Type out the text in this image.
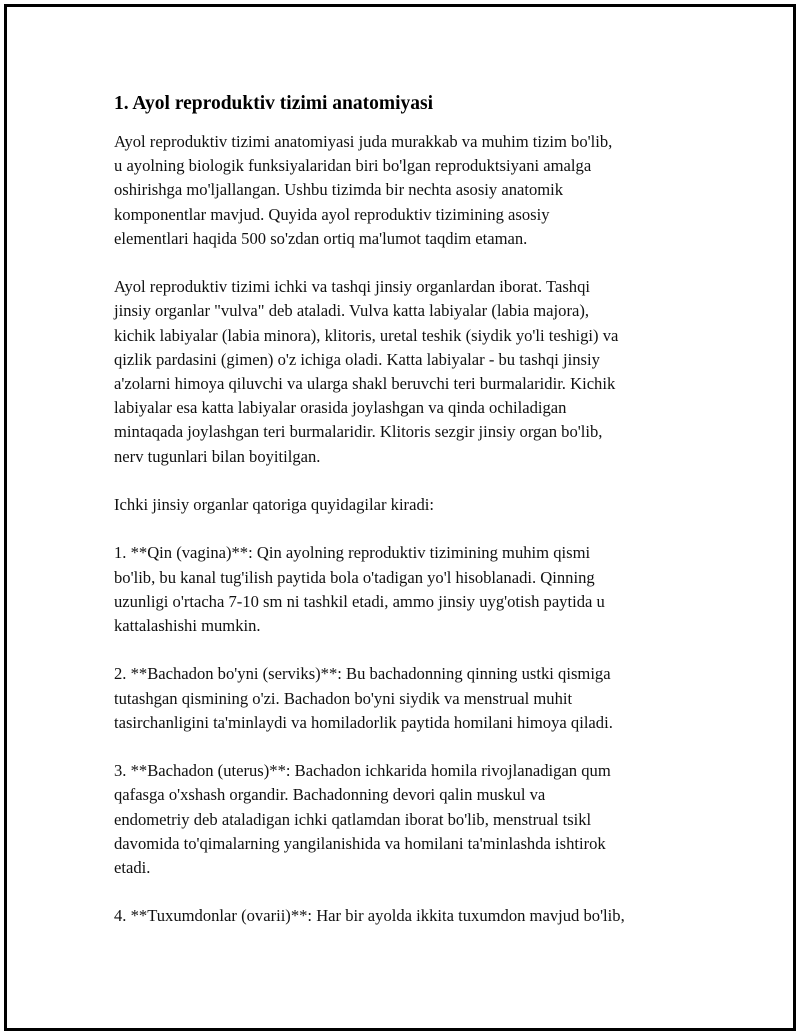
1. Ayol reproduktiv tizimi anatomiyasi
Ayol reproduktiv tizimi anatomiyasi juda murakkab va muhim tizim bo'lib,
u ayolning biologik funksiyalaridan biri bo'lgan reproduktsiyani amalga
oshirishga mo'ljallangan. Ushbu tizimda bir nechta asosiy anatomik
komponentlar mavjud. Quyida ayol reproduktiv tizimining asosiy
elementlari haqida 500 so'zdan ortiq ma'lumot taqdim etaman.
Ayol reproduktiv tizimi ichki va tashqi jinsiy organlardan iborat. Tashqi
jinsiy organlar "vulva" deb ataladi. Vulva katta labiyalar (labia majora),
kichik labiyalar (labia minora), klitoris, uretal teshik (siydik yo'li teshigi) va
qizlik pardasini (gimen) o'z ichiga oladi. Katta labiyalar - bu tashqi jinsiy
a'zolarni himoya qiluvchi va ularga shakl beruvchi teri burmalaridir. Kichik
labiyalar esa katta labiyalar orasida joylashgan va qinda ochiladigan
mintaqada joylashgan teri burmalaridir. Klitoris sezgir jinsiy organ bo'lib,
nerv tugunlari bilan boyitilgan.
Ichki jinsiy organlar qatoriga quyidagilar kiradi:
1. **Qin (vagina)**: Qin ayolning reproduktiv tizimining muhim qismi
bo'lib, bu kanal tug'ilish paytida bola o'tadigan yo'l hisoblanadi. Qinning
uzunligi o'rtacha 7-10 sm ni tashkil etadi, ammo jinsiy uyg'otish paytida u
kattalashishi mumkin.
2. **Bachadon bo'yni (serviks)**: Bu bachadonning qinning ustki qismiga
tutashgan qismining o'zi. Bachadon bo'yni siydik va menstrual muhit
tasirchanligini ta'minlaydi va homiladorlik paytida homilani himoya qiladi.
3. **Bachadon (uterus)**: Bachadon ichkarida homila rivojlanadigan qum
qafasga o'xshash organdir. Bachadonning devori qalin muskul va
endometriy deb ataladigan ichki qatlamdan iborat bo'lib, menstrual tsikl
davomida to'qimalarning yangilanishida va homilani ta'minlashda ishtirok
etadi.
4. **Tuxumdonlar (ovarii)**: Har bir ayolda ikkita tuxumdon mavjud bo'lib,
